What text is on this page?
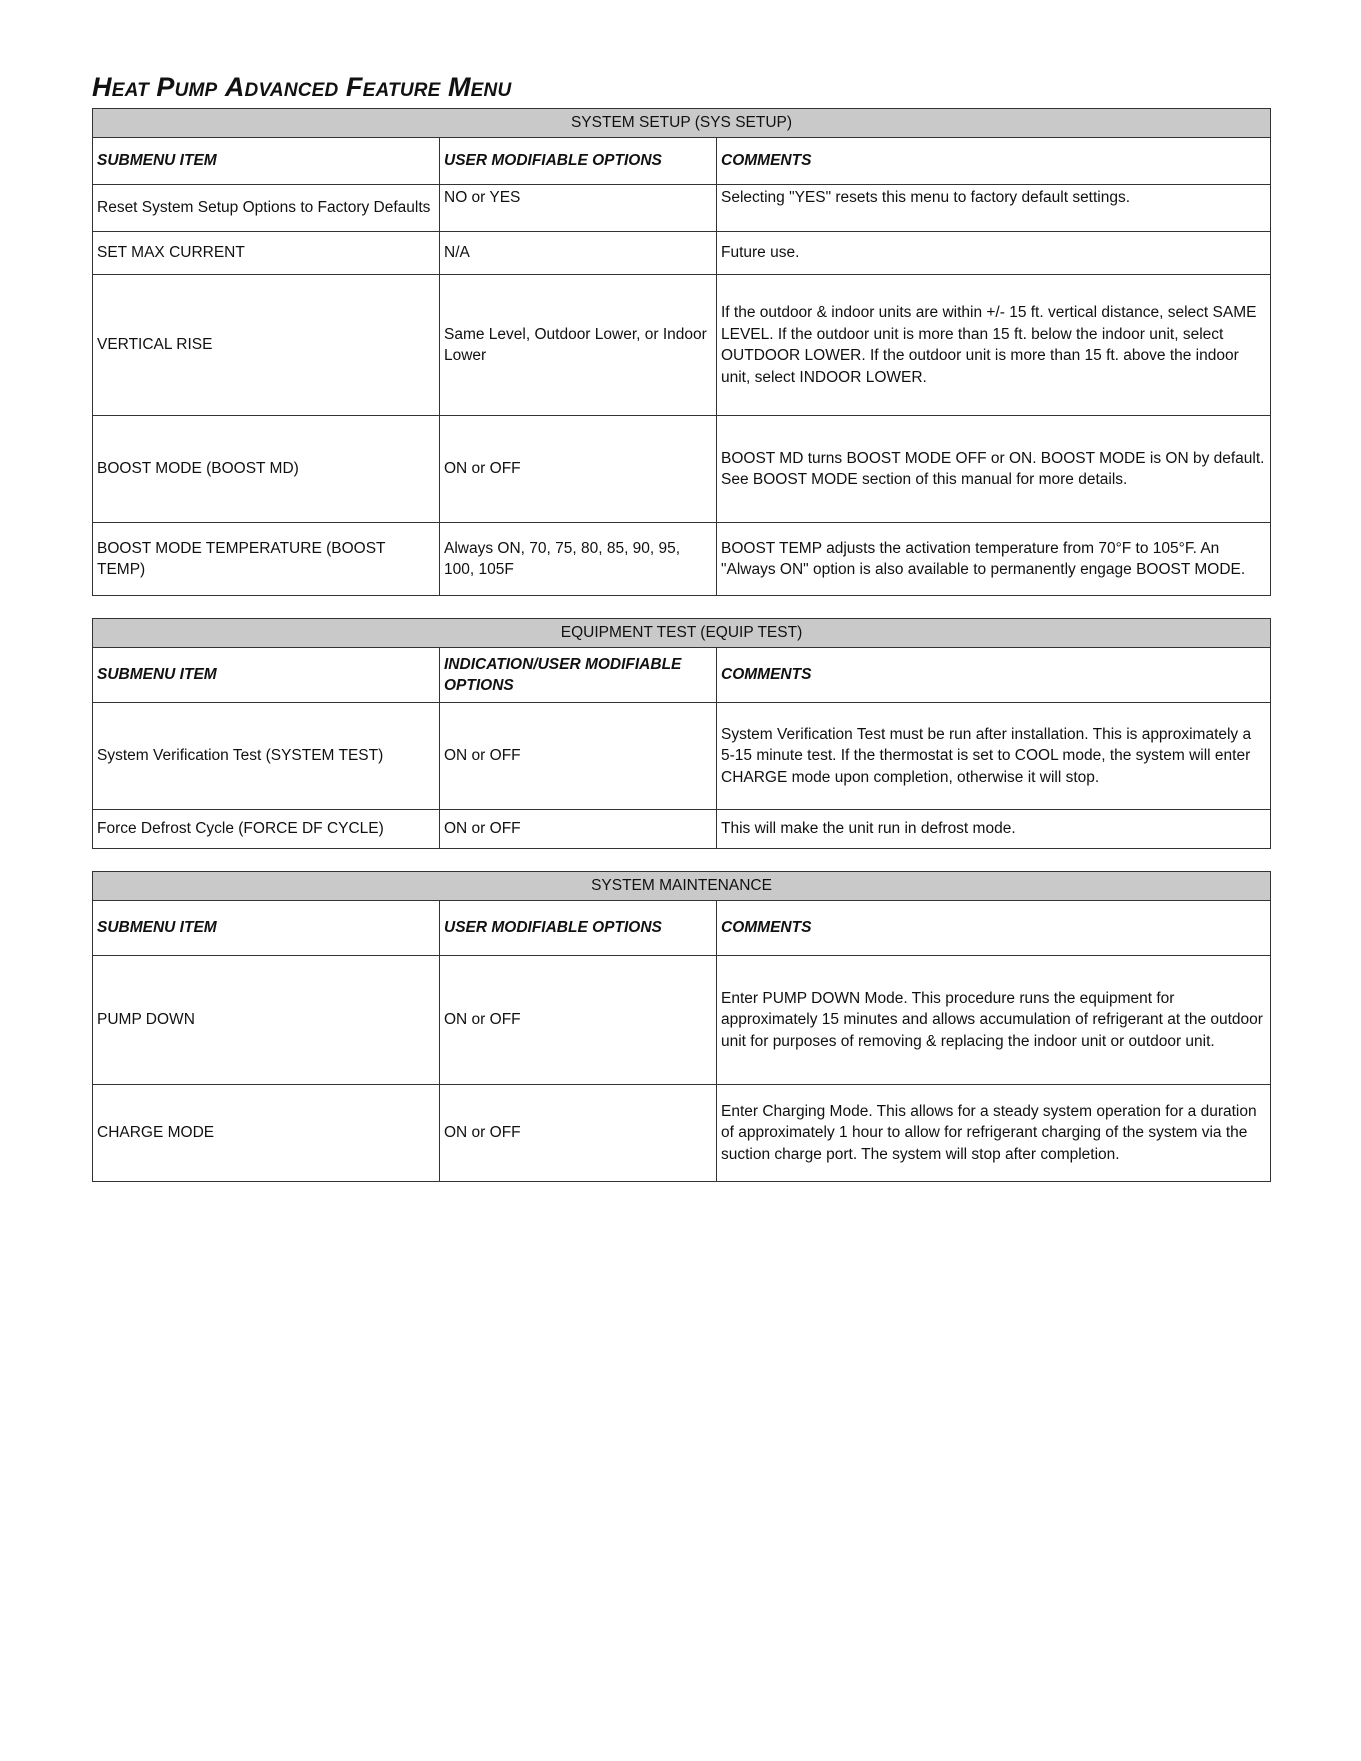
HEAT PUMP ADVANCED FEATURE MENU
SYSTEM SETUP (SYS SETUP)		
SUBMENU ITEM	USER MODIFIABLE OPTIONS	COMMENTS
Reset System Setup Options to Factory Defaults	NO or YES	Selecting "YES" resets this menu to factory default settings.
SET MAX CURRENT	N/A	Future use.
VERTICAL RISE	Same Level, Outdoor Lower, or Indoor Lower	If the outdoor & indoor units are within +/- 15 ft. vertical distance, select SAME LEVEL. If the outdoor unit is more than 15 ft. below the indoor unit, select OUTDOOR LOWER. If the outdoor unit is more than 15 ft. above the indoor unit, select INDOOR LOWER.
BOOST MODE (BOOST MD)	ON or OFF	BOOST MD turns BOOST MODE OFF or ON. BOOST MODE is ON by default. See BOOST MODE section of this manual for more details.
BOOST MODE TEMPERATURE (BOOST TEMP)	Always ON, 70, 75, 80, 85, 90, 95, 100, 105F	BOOST TEMP adjusts the activation temperature from 70°F to 105°F. An "Always ON" option is also available to permanently engage BOOST MODE.
EQUIPMENT TEST (EQUIP TEST)		
SUBMENU ITEM	INDICATION/USER MODIFIABLE OPTIONS	COMMENTS
System Verification Test (SYSTEM TEST)	ON or OFF	System Verification Test must be run after installation. This is approximately a 5-15 minute test. If the thermostat is set to COOL mode, the system will enter CHARGE mode upon completion, otherwise it will stop.
Force Defrost Cycle (FORCE DF CYCLE)	ON or OFF	This will make the unit run in defrost mode.
SYSTEM MAINTENANCE		
SUBMENU ITEM	USER MODIFIABLE OPTIONS	COMMENTS
PUMP DOWN	ON or OFF	Enter PUMP DOWN Mode. This procedure runs the equipment for approximately 15 minutes and allows accumulation of refrigerant at the outdoor unit for purposes of removing & replacing the indoor unit or outdoor unit.
CHARGE MODE	ON or OFF	Enter Charging Mode. This allows for a steady system operation for a duration of approximately 1 hour to allow for refrigerant charging of the system via the suction charge port. The system will stop after completion.
